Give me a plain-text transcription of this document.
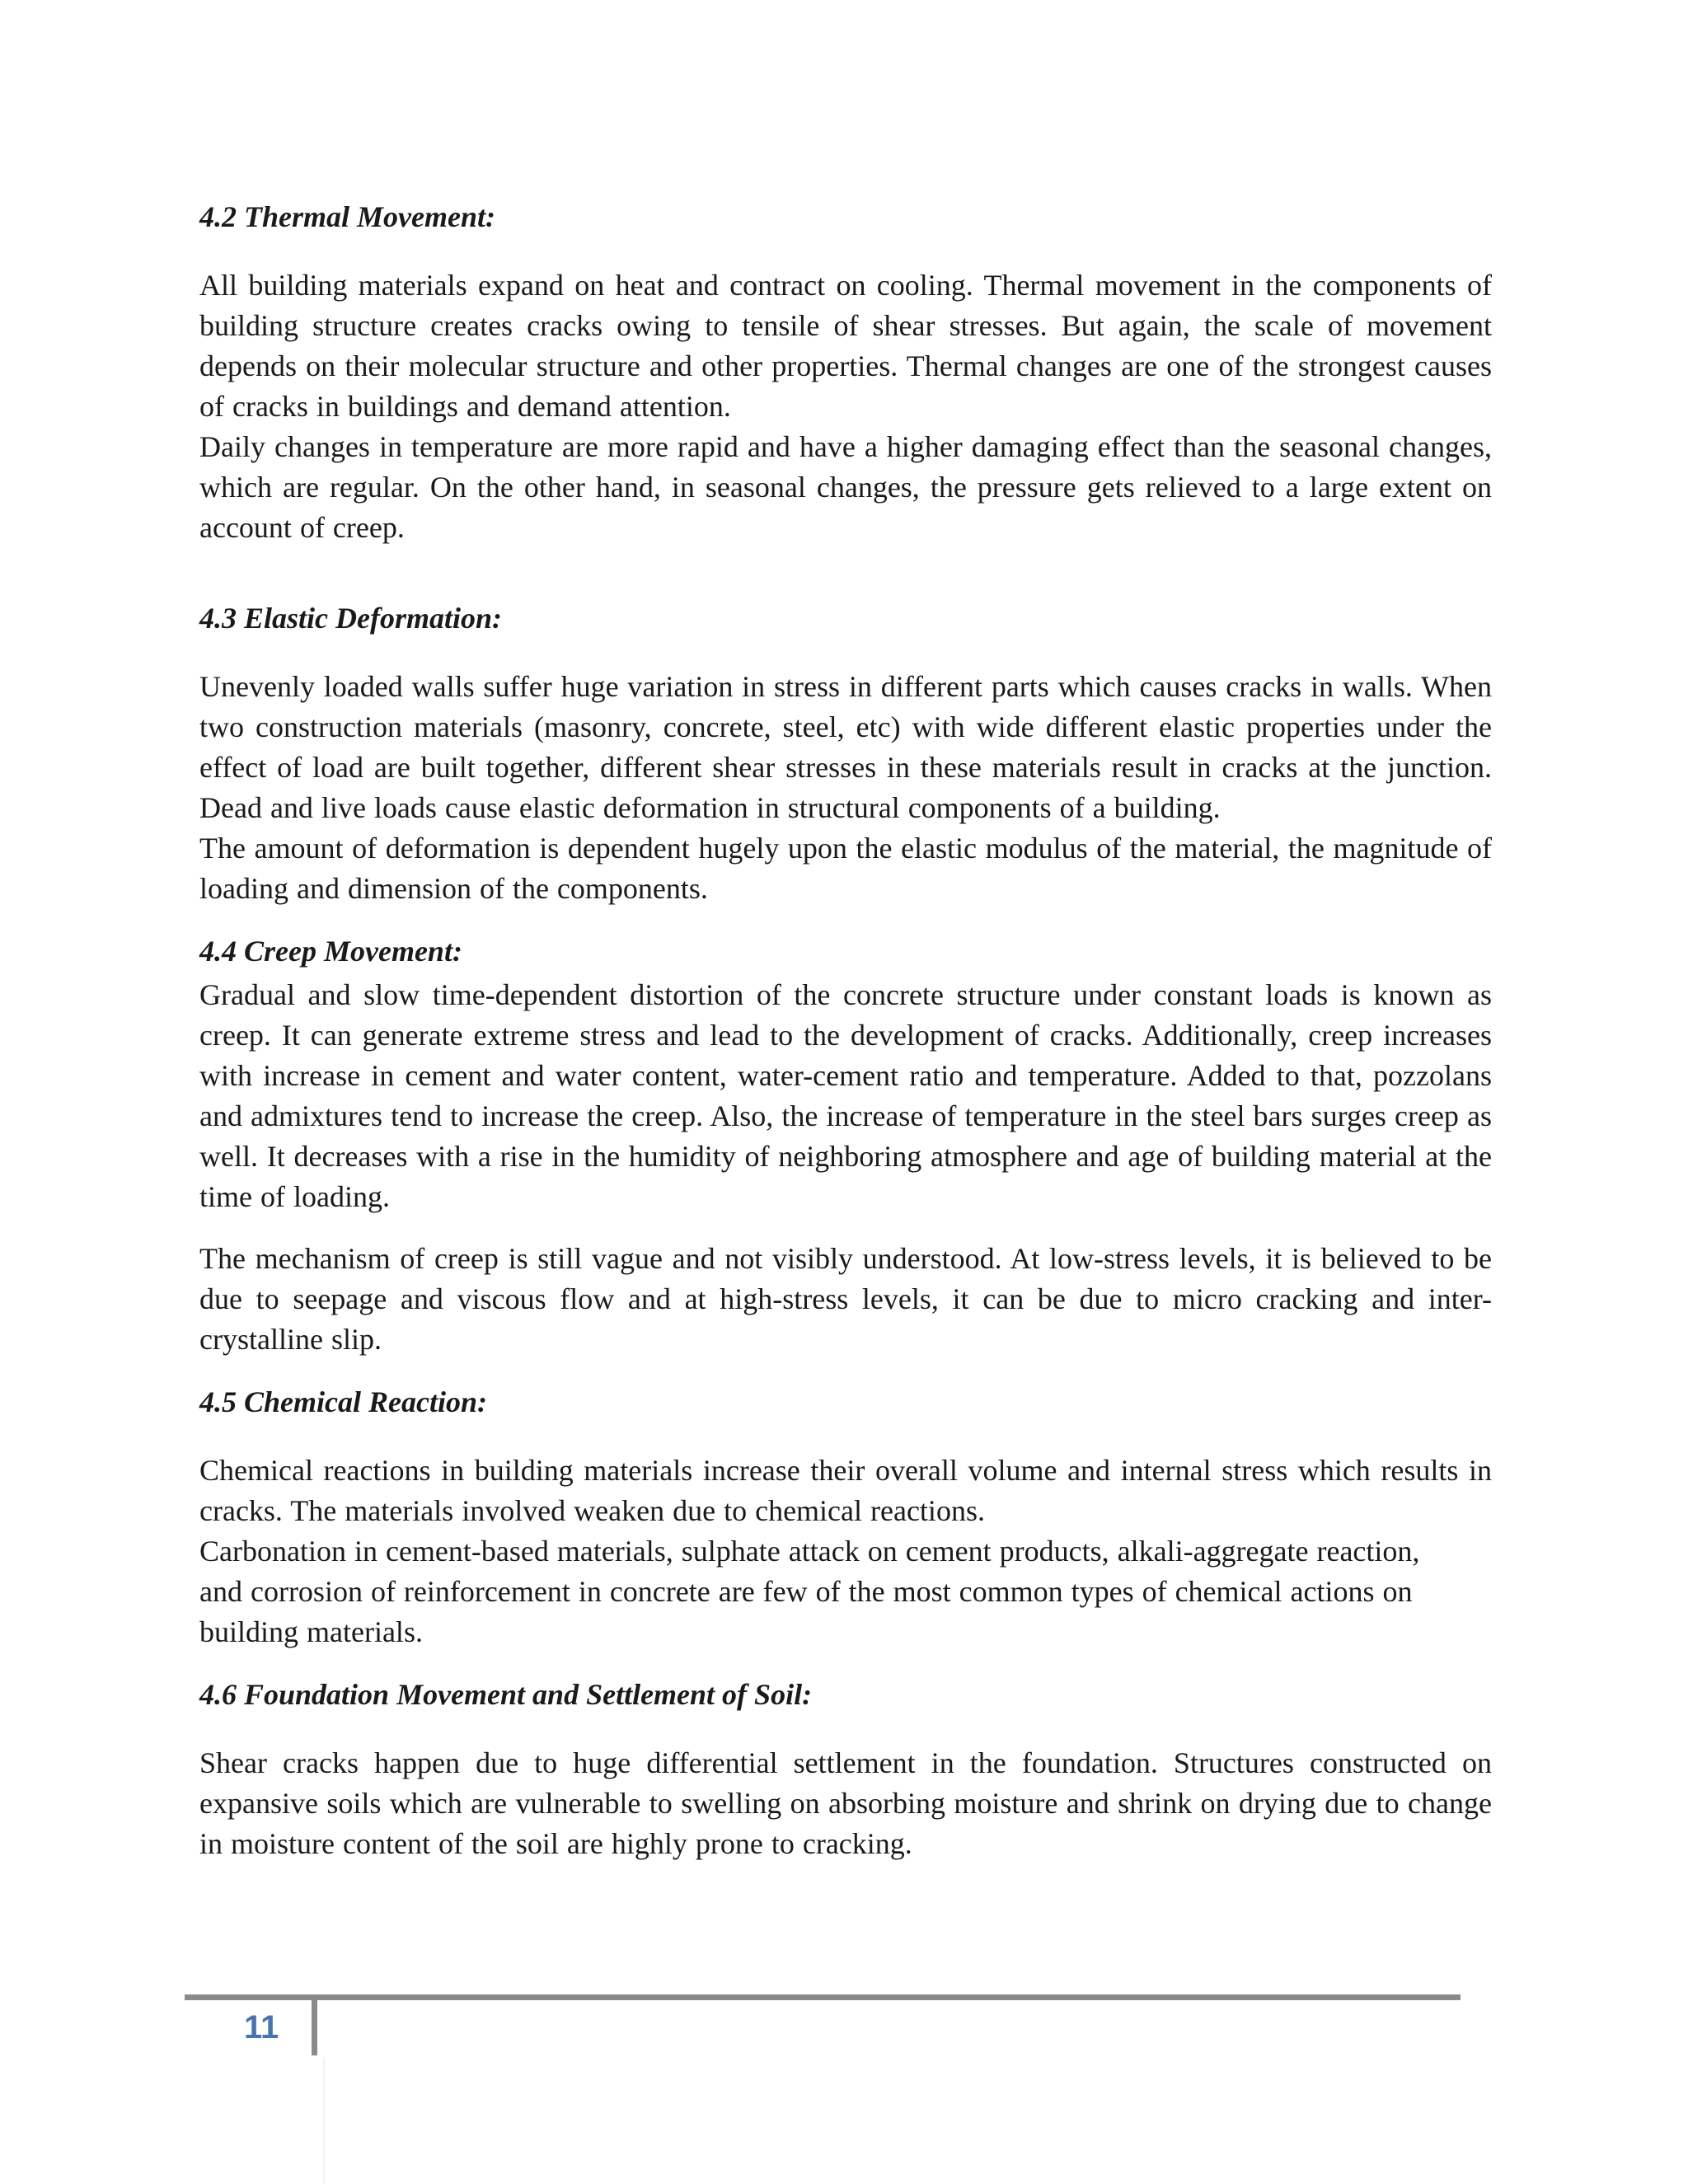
4.2 Thermal Movement:

All building materials expand on heat and contract on cooling. Thermal movement in the components of building structure creates cracks owing to tensile of shear stresses. But again, the scale of movement depends on their molecular structure and other properties. Thermal changes are one of the strongest causes of cracks in buildings and demand attention.

Daily changes in temperature are more rapid and have a higher damaging effect than the seasonal changes, which are regular. On the other hand, in seasonal changes, the pressure gets relieved to a large extent on account of creep.

4.3 Elastic Deformation:

Unevenly loaded walls suffer huge variation in stress in different parts which causes cracks in walls. When two construction materials (masonry, concrete, steel, etc) with wide different elastic properties under the effect of load are built together, different shear stresses in these materials result in cracks at the junction. Dead and live loads cause elastic deformation in structural components of a building.

The amount of deformation is dependent hugely upon the elastic modulus of the material, the magnitude of loading and dimension of the components.

4.4 Creep Movement:

Gradual and slow time-dependent distortion of the concrete structure under constant loads is known as creep. It can generate extreme stress and lead to the development of cracks. Additionally, creep increases with increase in cement and water content, water-cement ratio and temperature. Added to that, pozzolans and admixtures tend to increase the creep. Also, the increase of temperature in the steel bars surges creep as well. It decreases with a rise in the humidity of neighboring atmosphere and age of building material at the time of loading.

The mechanism of creep is still vague and not visibly understood. At low-stress levels, it is believed to be due to seepage and viscous flow and at high-stress levels, it can be due to micro cracking and inter-crystalline slip.

4.5 Chemical Reaction:

Chemical reactions in building materials increase their overall volume and internal stress which results in cracks. The materials involved weaken due to chemical reactions.

Carbonation in cement-based materials, sulphate attack on cement products, alkali-aggregate reaction, and corrosion of reinforcement in concrete are few of the most common types of chemical actions on building materials.

4.6 Foundation Movement and Settlement of Soil:

Shear cracks happen due to huge differential settlement in the foundation. Structures constructed on expansive soils which are vulnerable to swelling on absorbing moisture and shrink on drying due to change in moisture content of the soil are highly prone to cracking.

11
